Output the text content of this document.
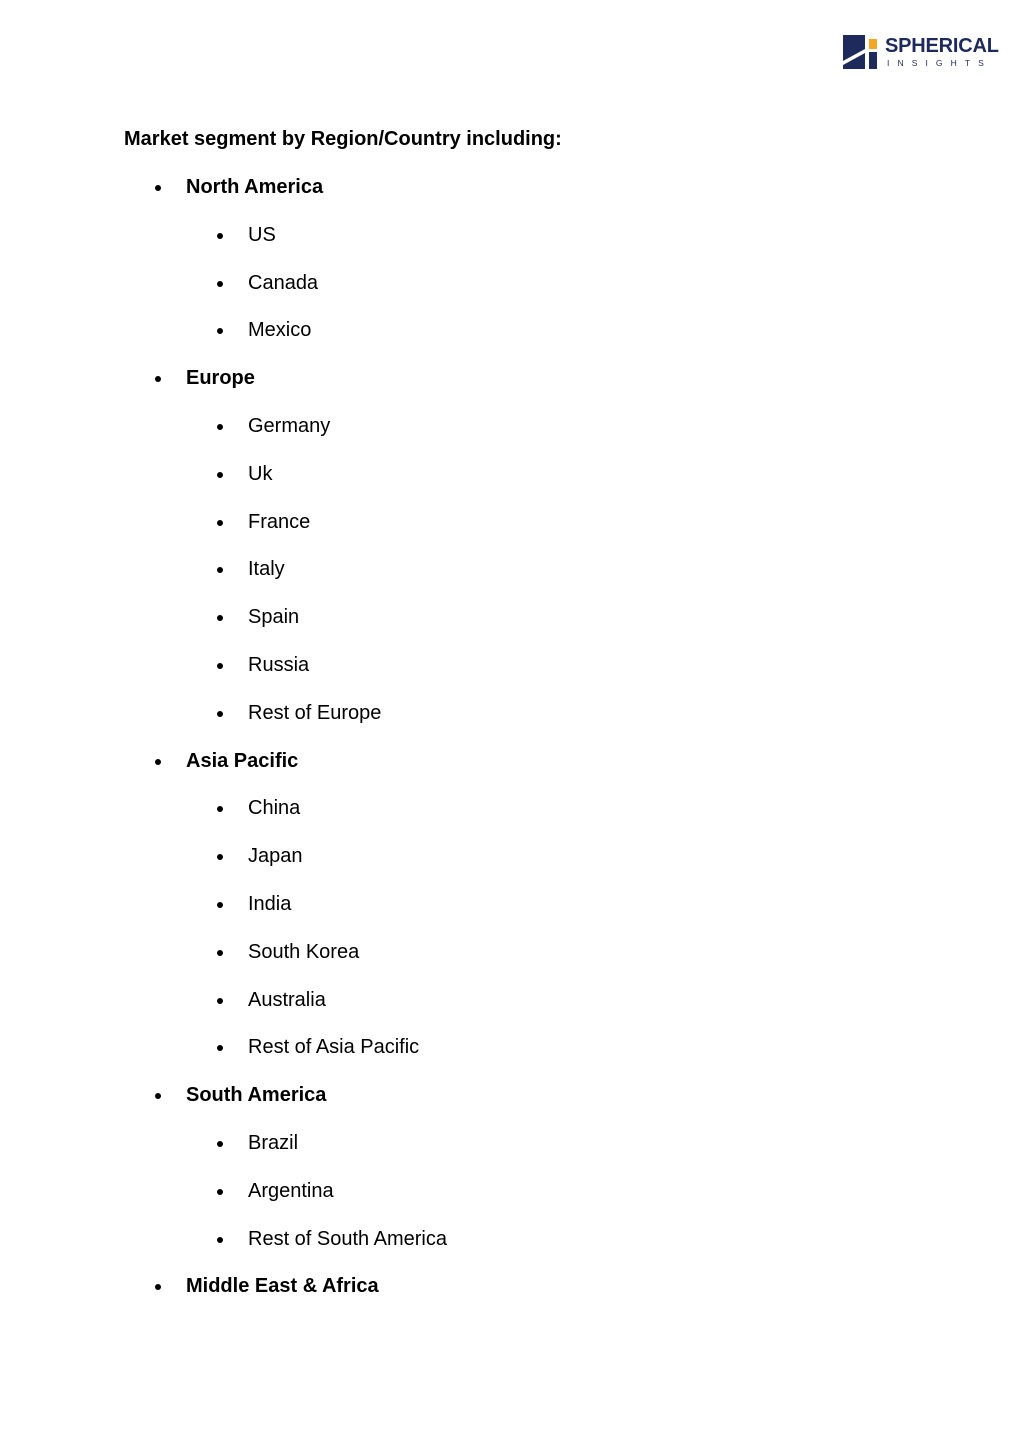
SPHERICAL
INSIGHTS
Market segment by Region/Country including:
North America
US
Canada
Mexico
Europe
Germany
Uk
France
Italy
Spain
Russia
Rest of Europe
Asia Pacific
China
Japan
India
South Korea
Australia
Rest of Asia Pacific
South America
Brazil
Argentina
Rest of South America
Middle East & Africa
